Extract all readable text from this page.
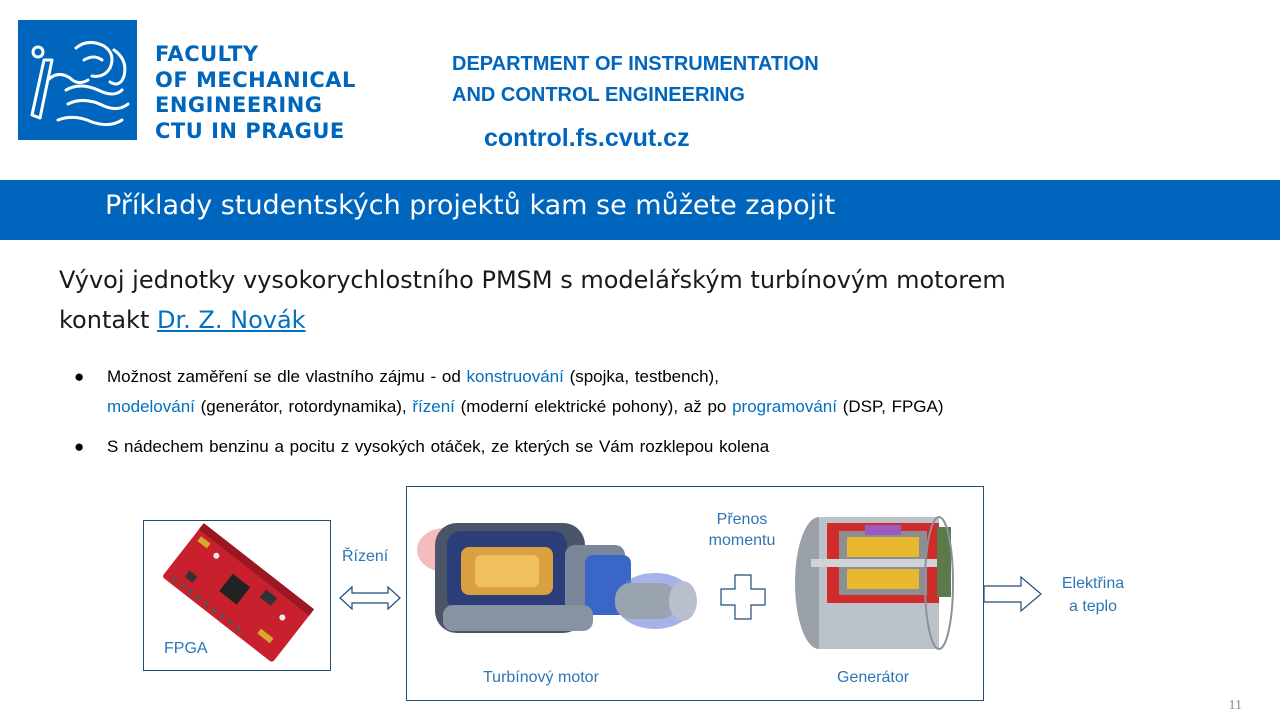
FACULTY
OF MECHANICAL
ENGINEERING
CTU IN PRAGUE
DEPARTMENT OF INSTRUMENTATION
AND CONTROL ENGINEERING
control.fs.cvut.cz
Příklady studentských projektů kam se můžete zapojit
Vývoj jednotky vysokorychlostního PMSM s modelářským turbínovým motorem
kontakt Dr. Z. Novák
● Možnost zaměření se dle vlastního zájmu - od konstruování (spojka, testbench),
modelování (generátor, rotordynamika), řízení (moderní elektrické pohony), až po programování (DSP, FPGA)
● S nádechem benzinu a pocitu z vysokých otáček, ze kterých se Vám rozklepou kolena
FPGA
Řízení
Turbínový motor
Přenos
momentu
Generátor
Elektřina
a teplo
11
